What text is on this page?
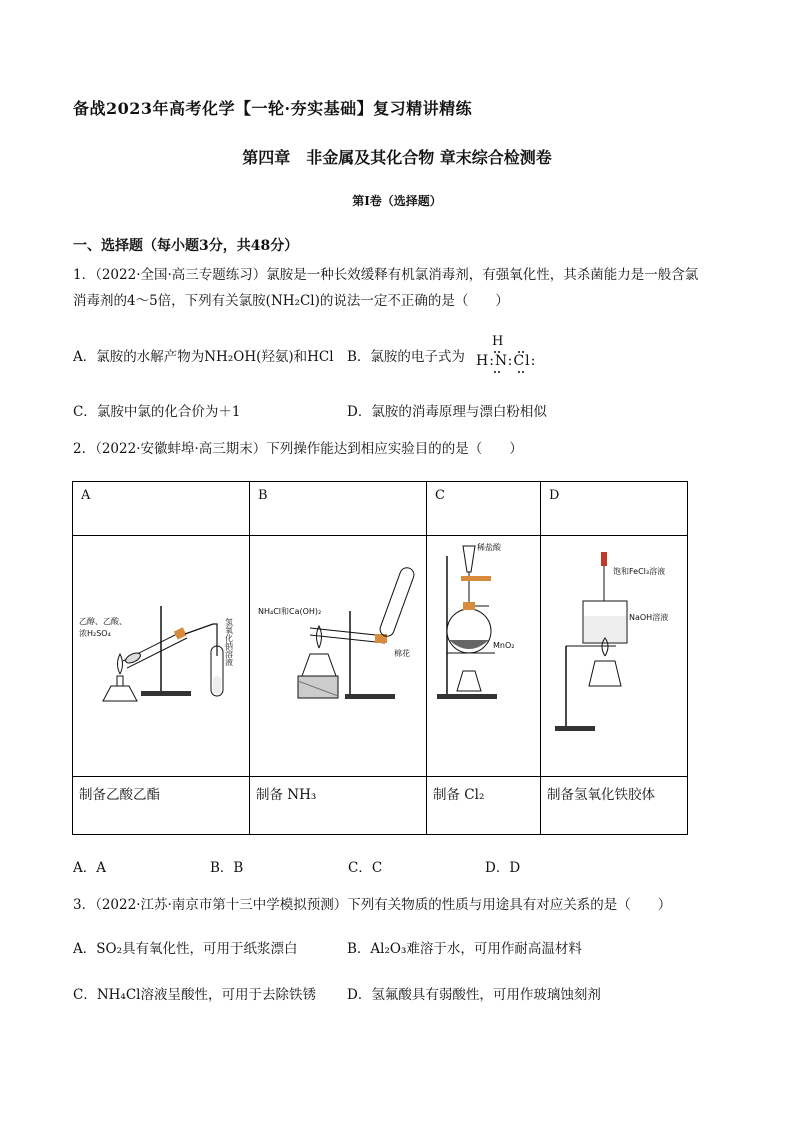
备战2023年高考化学【一轮·夯实基础】复习精讲精练
第四章　非金属及其化合物 章末综合检测卷
第Ⅰ卷（选择题）
一、选择题（每小题3分，共48分）
1．（2022·全国·高三专题练习）氯胺是一种长效缓释有机氯消毒剂，有强氧化性，其杀菌能力是一般含氯
消毒剂的4～5倍，下列有关氯胺(NH₂Cl)的说法一定不正确的是（　　）
A．氯胺的水解产物为NH₂OH(羟氨)和HCl B．氯胺的电子式为
H
H:N:Cl:
C．氯胺中氯的化合价为＋1	D．氯胺的消毒原理与漂白粉相似
2．（2022·安徽蚌埠·高三期末）下列操作能达到相应实验目的的是（　　）
A	B	C	D

乙醇、乙酸、
浓H₂SO₄ 氢氧化钠溶液	NH₄Cl和Ca(OH)₂
棉花	稀盐酸
MnO₂	饱和FeCl₃溶液
NaOH溶液

制备乙酸乙酯	制备 NH₃	制备 Cl₂	制备氢氧化铁胶体
A．A	B．B	C．C	D．D
3．（2022·江苏·南京市第十三中学模拟预测）下列有关物质的性质与用途具有对应关系的是（　　）
A．SO₂具有氧化性，可用于纸浆漂白	B．Al₂O₃难溶于水，可用作耐高温材料
C．NH₄Cl溶液呈酸性，可用于去除铁锈 D．氢氟酸具有弱酸性，可用作玻璃蚀刻剂
